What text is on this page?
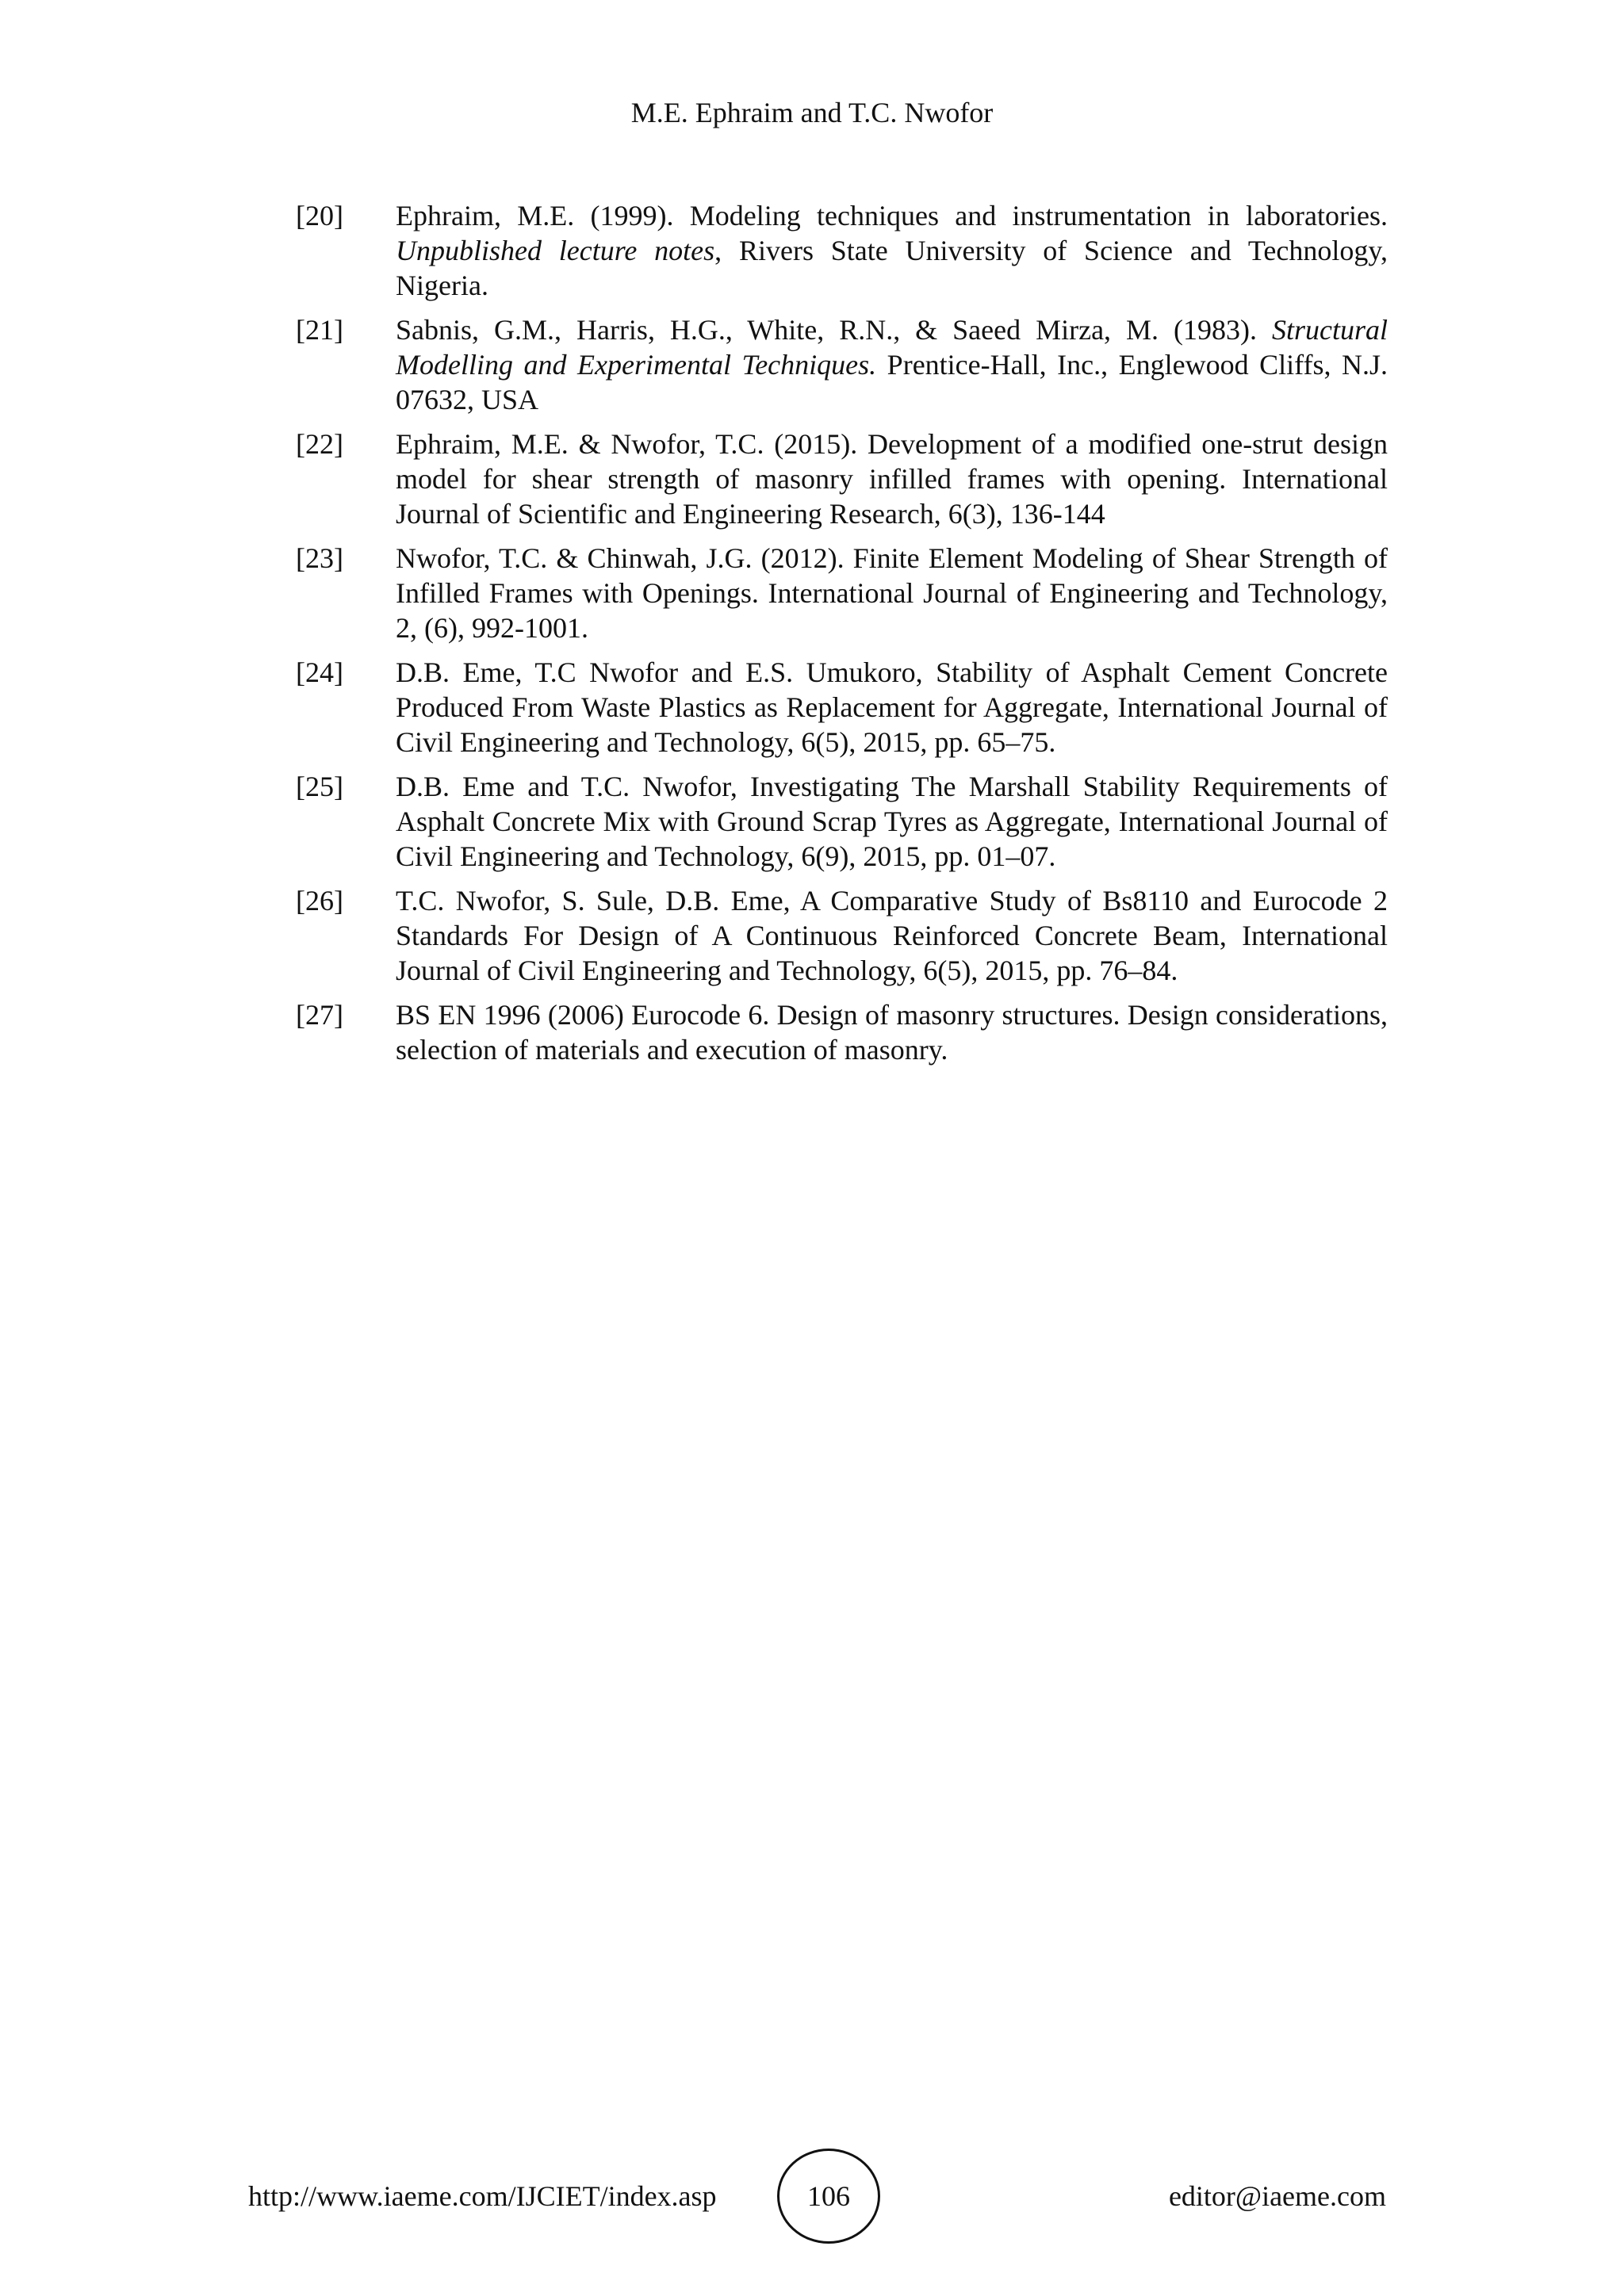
M.E. Ephraim and T.C. Nwofor
[20]	Ephraim, M.E. (1999). Modeling techniques and instrumentation in laboratories. Unpublished lecture notes, Rivers State University of Science and Technology, Nigeria.
[21]	Sabnis, G.M., Harris, H.G., White, R.N., & Saeed Mirza, M. (1983). Structural Modelling and Experimental Techniques. Prentice-Hall, Inc., Englewood Cliffs, N.J. 07632, USA
[22]	Ephraim, M.E. & Nwofor, T.C. (2015). Development of a modified one-strut design model for shear strength of masonry infilled frames with opening. International Journal of Scientific and Engineering Research, 6(3), 136-144
[23]	Nwofor, T.C. & Chinwah, J.G. (2012). Finite Element Modeling of Shear Strength of Infilled Frames with Openings. International Journal of Engineering and Technology, 2, (6), 992-1001.
[24]	D.B. Eme, T.C Nwofor and E.S. Umukoro, Stability of Asphalt Cement Concrete Produced From Waste Plastics as Replacement for Aggregate, International Journal of Civil Engineering and Technology, 6(5), 2015, pp. 65–75.
[25]	D.B. Eme and T.C. Nwofor, Investigating The Marshall Stability Requirements of Asphalt Concrete Mix with Ground Scrap Tyres as Aggregate, International Journal of Civil Engineering and Technology, 6(9), 2015, pp. 01–07.
[26]	T.C. Nwofor, S. Sule, D.B. Eme, A Comparative Study of Bs8110 and Eurocode 2 Standards For Design of A Continuous Reinforced Concrete Beam, International Journal of Civil Engineering and Technology, 6(5), 2015, pp. 76–84.
[27]	BS EN 1996 (2006) Eurocode 6. Design of masonry structures. Design considerations, selection of materials and execution of masonry.
http://www.iaeme.com/IJCIET/index.asp	106	editor@iaeme.com
